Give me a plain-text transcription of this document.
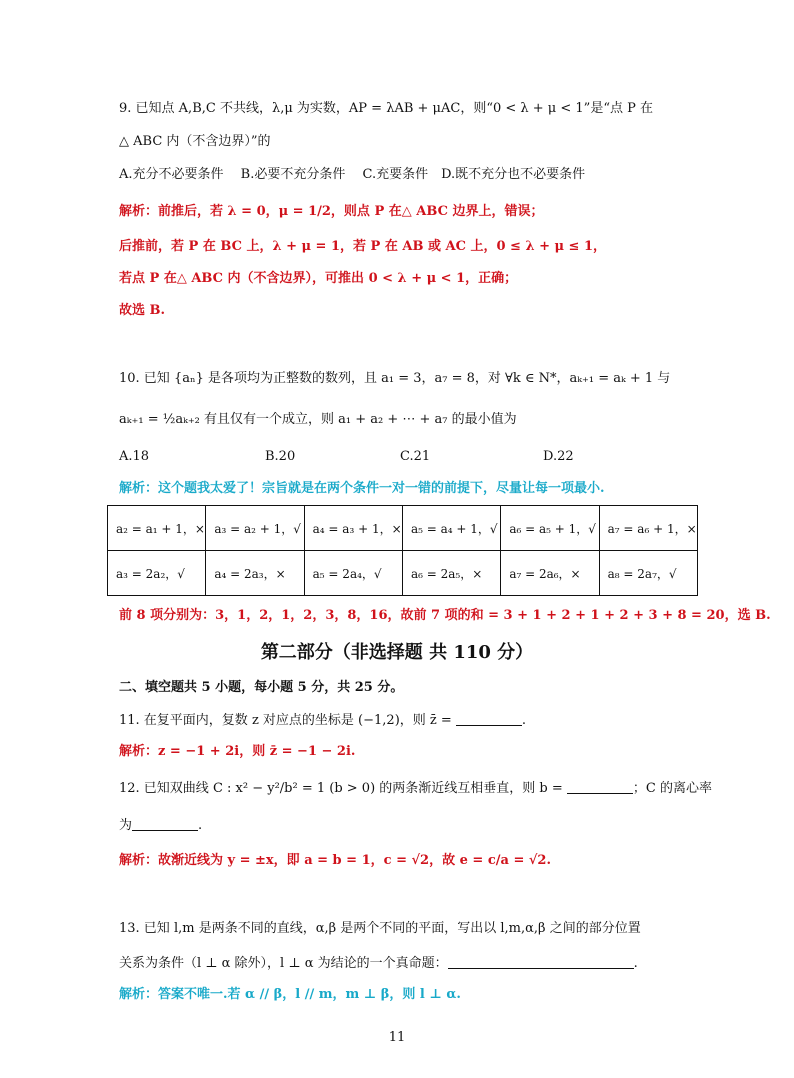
9. 已知点 A,B,C 不共线，λ,μ 为实数，AP = λAB + μAC，则“0 < λ + μ < 1”是“点 P 在
△ ABC 内（不含边界）”的
A.充分不必要条件　 B.必要不充分条件　 C.充要条件　D.既不充分也不必要条件
解析：前推后，若 λ = 0，μ = 1/2，则点 P 在△ ABC 边界上，错误；
后推前，若 P 在 BC 上，λ + μ = 1，若 P 在 AB 或 AC 上，0 ≤ λ + μ ≤ 1，
若点 P 在△ ABC 内（不含边界），可推出 0 < λ + μ < 1，正确；
故选 B.
10. 已知 {aₙ} 是各项均为正整数的数列，且 a₁ = 3，a₇ = 8，对 ∀k ∈ N*，aₖ₊₁ = aₖ + 1 与
aₖ₊₁ = ½aₖ₊₂ 有且仅有一个成立，则 a₁ + a₂ + ⋯ + a₇ 的最小值为
A.18	B.20	C.21	D.22
解析：这个题我太爱了！宗旨就是在两个条件一对一错的前提下，尽量让每一项最小.
a₂ = a₁ + 1，×	a₃ = a₂ + 1，√	a₄ = a₃ + 1，×	a₅ = a₄ + 1，√	a₆ = a₅ + 1，√	a₇ = a₆ + 1，×
a₃ = 2a₂，√	a₄ = 2a₃，×	a₅ = 2a₄，√	a₆ = 2a₅，×	a₇ = 2a₆，×	a₈ = 2a₇，√
前 8 项分别为：3，1，2，1，2，3，8，16，故前 7 项的和 = 3 + 1 + 2 + 1 + 2 + 3 + 8 = 20，选 B.
第二部分（非选择题 共 110 分）
二、填空题共 5 小题，每小题 5 分，共 25 分。
11. 在复平面内，复数 z 对应点的坐标是 (−1,2)，则 z̄ =	.
解析：z = −1 + 2i，则 z̄ = −1 − 2i.
12. 已知双曲线 C : x² − y²/b² = 1 (b > 0) 的两条渐近线互相垂直，则 b =	；C 的离心率
为	.
解析：故渐近线为 y = ±x，即 a = b = 1，c = √2，故 e = c/a = √2.
13. 已知 l,m 是两条不同的直线，α,β 是两个不同的平面，写出以 l,m,α,β 之间的部分位置
关系为条件（l ⊥ α 除外），l ⊥ α 为结论的一个真命题：	.
解析：答案不唯一.若 α // β，l // m，m ⊥ β，则 l ⊥ α.
11
